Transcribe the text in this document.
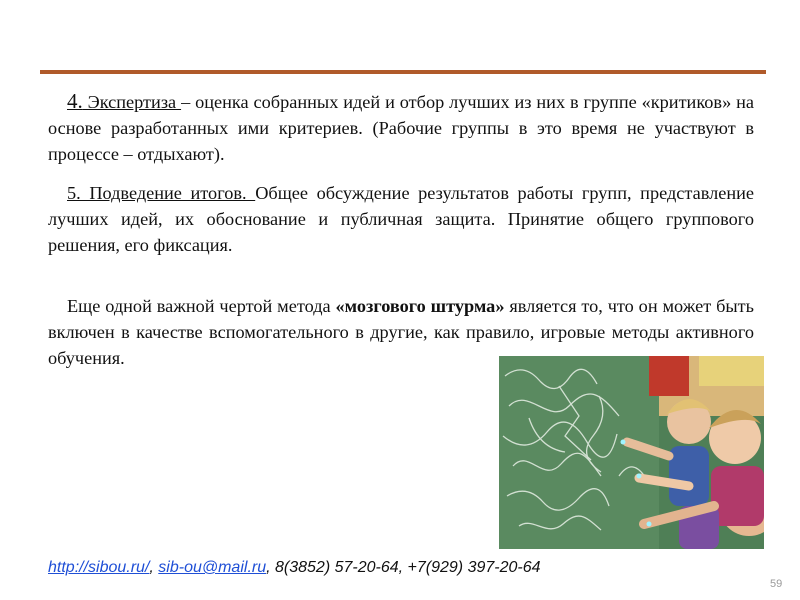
4. Экспертиза – оценка собранных идей и отбор лучших из них в группе «критиков» на основе разработанных ими критериев. (Рабочие группы в это время не участвуют в процессе – отдыхают).

5. Подведение итогов. Общее обсуждение результатов работы групп, представление лучших идей, их обоснование и публичная защита. Принятие общего группового решения, его фиксация.

Еще одной важной чертой метода «мозгового штурма» является то, что он может быть включен в качестве вспомогательного в другие, как правило, игровые методы активного обучения.

http://sibou.ru/, sib-ou@mail.ru, 8(3852) 57-20-64, +7(929) 397-20-64
59
